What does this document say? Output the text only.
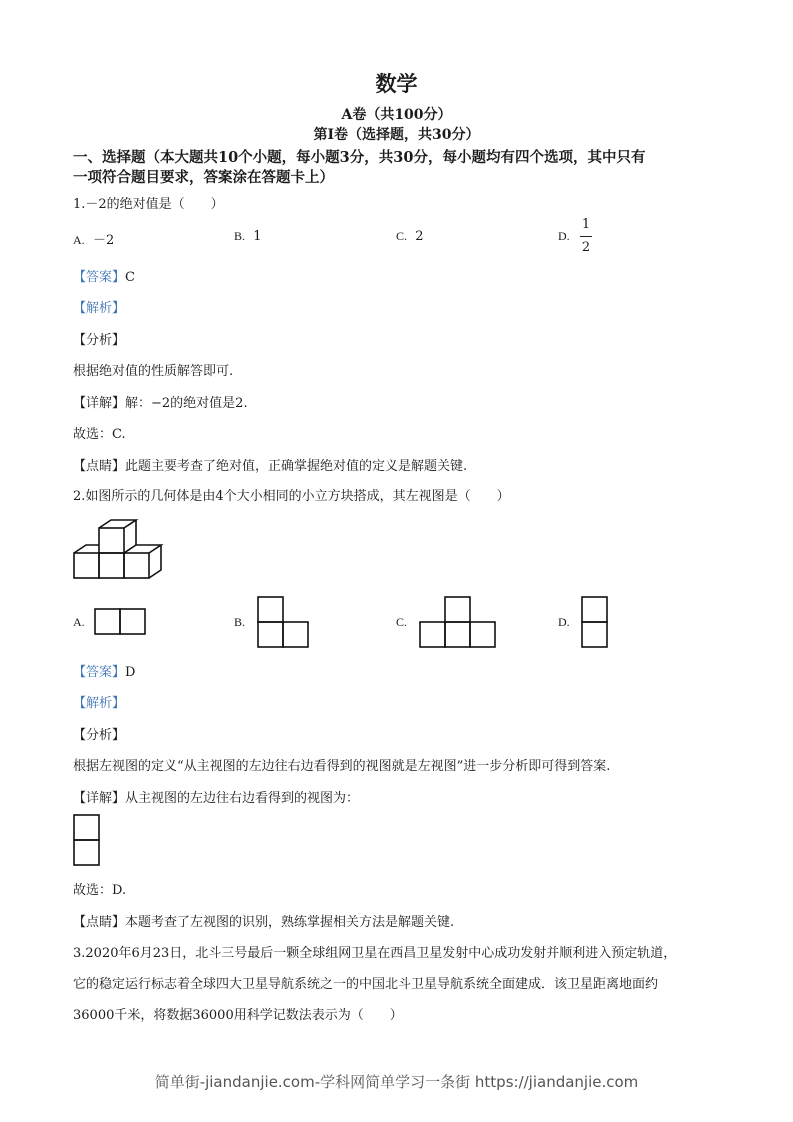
数学
A卷（共100分）
第Ⅰ卷（选择题，共30分）
一、选择题（本大题共10个小题，每小题3分，共30分，每小题均有四个选项，其中只有
一项符合题目要求，答案涂在答题卡上）
1.－2的绝对值是（　　）
A. －2	B. 1	C. 2	D.
1
2
【答案】C
【解析】
【分析】
根据绝对值的性质解答即可.
【详解】解：−2的绝对值是2.
故选：C.
【点睛】此题主要考查了绝对值，正确掌握绝对值的定义是解题关键.
2.如图所示的几何体是由4个大小相同的小立方块搭成，其左视图是（　　）
A.	B.	C.	D.
【答案】D
【解析】
【分析】
根据左视图的定义“从主视图的左边往右边看得到的视图就是左视图”进一步分析即可得到答案.
【详解】从主视图的左边往右边看得到的视图为：
故选：D.
【点睛】本题考查了左视图的识别，熟练掌握相关方法是解题关键.
3.2020年6月23日，北斗三号最后一颗全球组网卫星在西昌卫星发射中心成功发射并顺利进入预定轨道，
它的稳定运行标志着全球四大卫星导航系统之一的中国北斗卫星导航系统全面建成．该卫星距离地面约
36000千米，将数据36000用科学记数法表示为（　　）
简单街-jiandanjie.com-学科网简单学习一条街 https://jiandanjie.com
